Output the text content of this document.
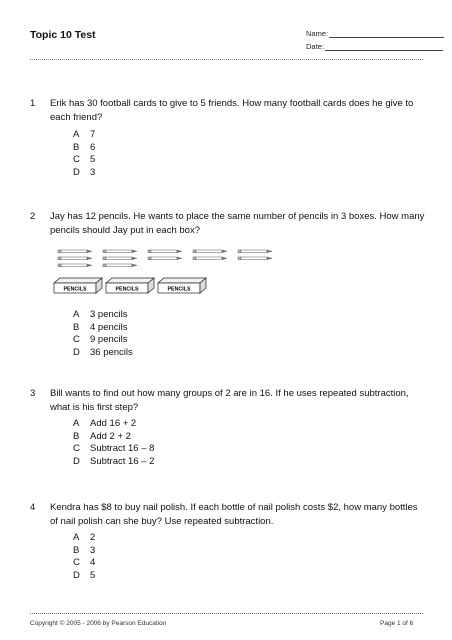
Topic 10 Test	Name:
Date:
1 Erik has 30 football cards to give to 5 friends. How many football cards does he give to each friend?
A 7
B 6
C 5
D 3
2 Jay has 12 pencils. He wants to place the same number of pencils in 3 boxes. How many pencils should Jay put in each box?
PENCILS	PENCILS	PENCILS
A 3 pencils
B 4 pencils
C 9 pencils
D 36 pencils
3 Bill wants to find out how many groups of 2 are in 16. If he uses repeated subtraction, what is his first step?
A Add 16 + 2
B Add 2 + 2
C Subtract 16 – 8
D Subtract 16 – 2
4 Kendra has $8 to buy nail polish. If each bottle of nail polish costs $2, how many bottles of nail polish can she buy? Use repeated subtraction.
A 2
B 3
C 4
D 5
Copyright © 2005 - 2006 by Pearson Education	Page 1 of 6
